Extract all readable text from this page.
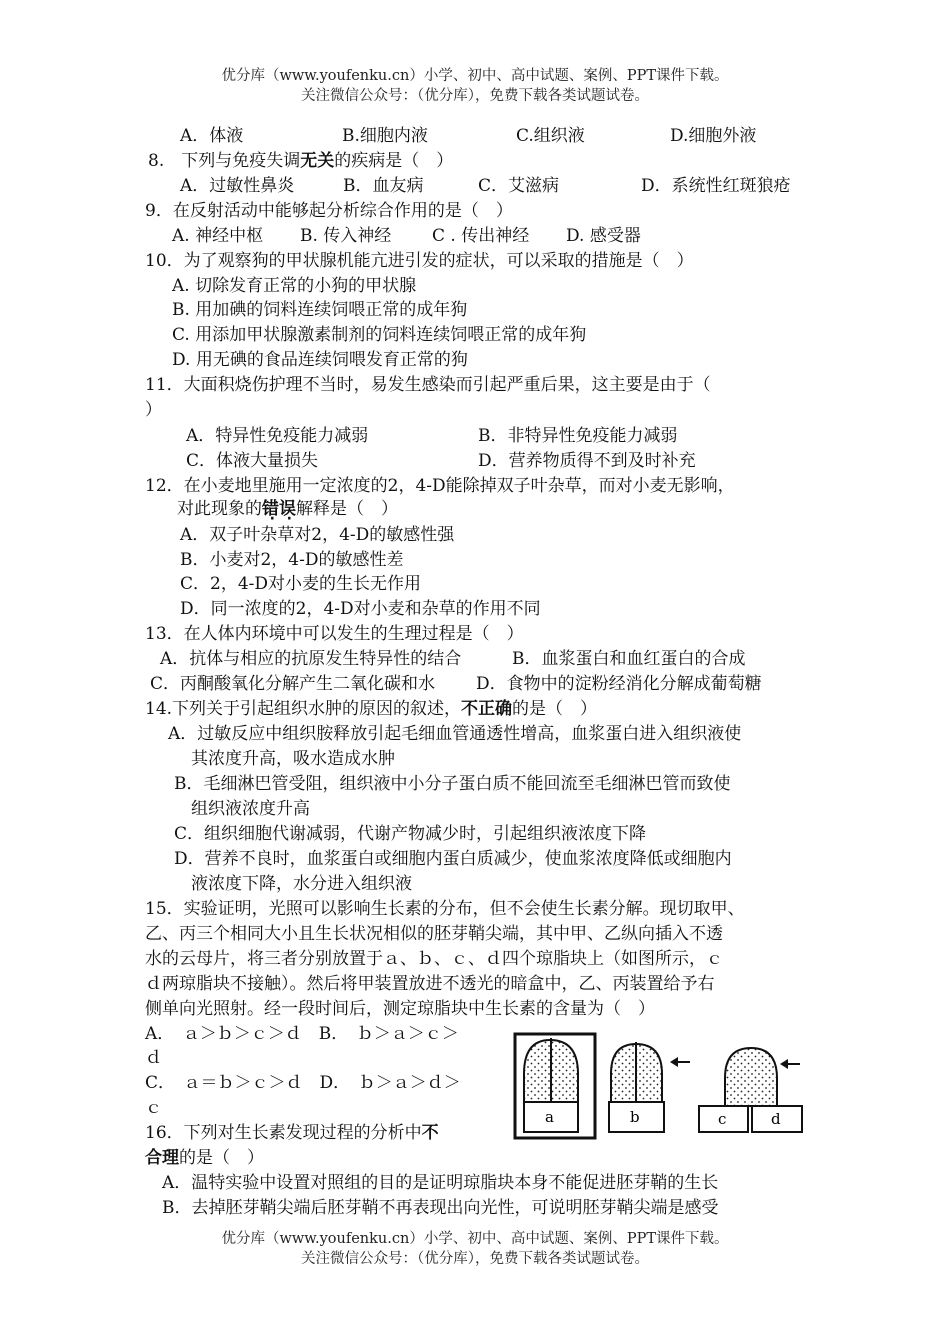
优分库（www.youfenku.cn）小学、初中、高中试题、案例、PPT课件下载。
关注微信公众号：（优分库），免费下载各类试题试卷。
A．体液	B.细胞内液	C.组织液	D.细胞外液
8.　下列与免疫失调无关的疾病是（　）
A．过敏性鼻炎	B．血友病	C．艾滋病	D．系统性红斑狼疮
9．在反射活动中能够起分析综合作用的是（　）
A. 神经中枢	B. 传入神经	C . 传出神经	D. 感受器
10．为了观察狗的甲状腺机能亢进引发的症状，可以采取的措施是（　）
A. 切除发育正常的小狗的甲状腺
B. 用加碘的饲料连续饲喂正常的成年狗
C. 用添加甲状腺激素制剂的饲料连续饲喂正常的成年狗
D. 用无碘的食品连续饲喂发育正常的狗
11．大面积烧伤护理不当时，易发生感染而引起严重后果，这主要是由于（
）
A．特异性免疫能力减弱	B．非特异性免疫能力减弱
C．体液大量损失	D．营养物质得不到及时补充
12．在小麦地里施用一定浓度的2，4-D能除掉双子叶杂草，而对小麦无影响，
对此现象的错误解释是（　）
A．双子叶杂草对2，4-D的敏感性强
B．小麦对2，4-D的敏感性差
C．2，4-D对小麦的生长无作用
D．同一浓度的2，4-D对小麦和杂草的作用不同
13．在人体内环境中可以发生的生理过程是（　）
A．抗体与相应的抗原发生特异性的结合	B．血浆蛋白和血红蛋白的合成
C．丙酮酸氧化分解产生二氧化碳和水	D．食物中的淀粉经消化分解成葡萄糖
14.下列关于引起组织水肿的原因的叙述，不正确的是（　）
A．过敏反应中组织胺释放引起毛细血管通透性增高，血浆蛋白进入组织液使
其浓度升高，吸水造成水肿
B．毛细淋巴管受阻，组织液中小分子蛋白质不能回流至毛细淋巴管而致使
组织液浓度升高
C．组织细胞代谢减弱，代谢产物减少时，引起组织液浓度下降
D．营养不良时，血浆蛋白或细胞内蛋白质减少，使血浆浓度降低或细胞内
液浓度下降，水分进入组织液
15．实验证明，光照可以影响生长素的分布，但不会使生长素分解。现切取甲、
乙、丙三个相同大小且生长状况相似的胚芽鞘尖端，其中甲、乙纵向插入不透
水的云母片，将三者分别放置于ａ、ｂ、ｃ、ｄ四个琼脂块上（如图所示，ｃ
ｄ两琼脂块不接触）。然后将甲装置放进不透光的暗盒中，乙、丙装置给予右
侧单向光照射。经一段时间后，测定琼脂块中生长素的含量为（　）
A．　ａ＞ｂ＞ｃ＞ｄ　B．　ｂ＞ａ＞ｃ＞
ｄ
C．　ａ＝ｂ＞ｃ＞ｄ　D．　ｂ＞ａ＞ｄ＞
ｃ	a	b	c	d
16．下列对生长素发现过程的分析中不
合理的是（　）
A．温特实验中设置对照组的目的是证明琼脂块本身不能促进胚芽鞘的生长
B．去掉胚芽鞘尖端后胚芽鞘不再表现出向光性，可说明胚芽鞘尖端是感受
优分库（www.youfenku.cn）小学、初中、高中试题、案例、PPT课件下载。
关注微信公众号：（优分库），免费下载各类试题试卷。
